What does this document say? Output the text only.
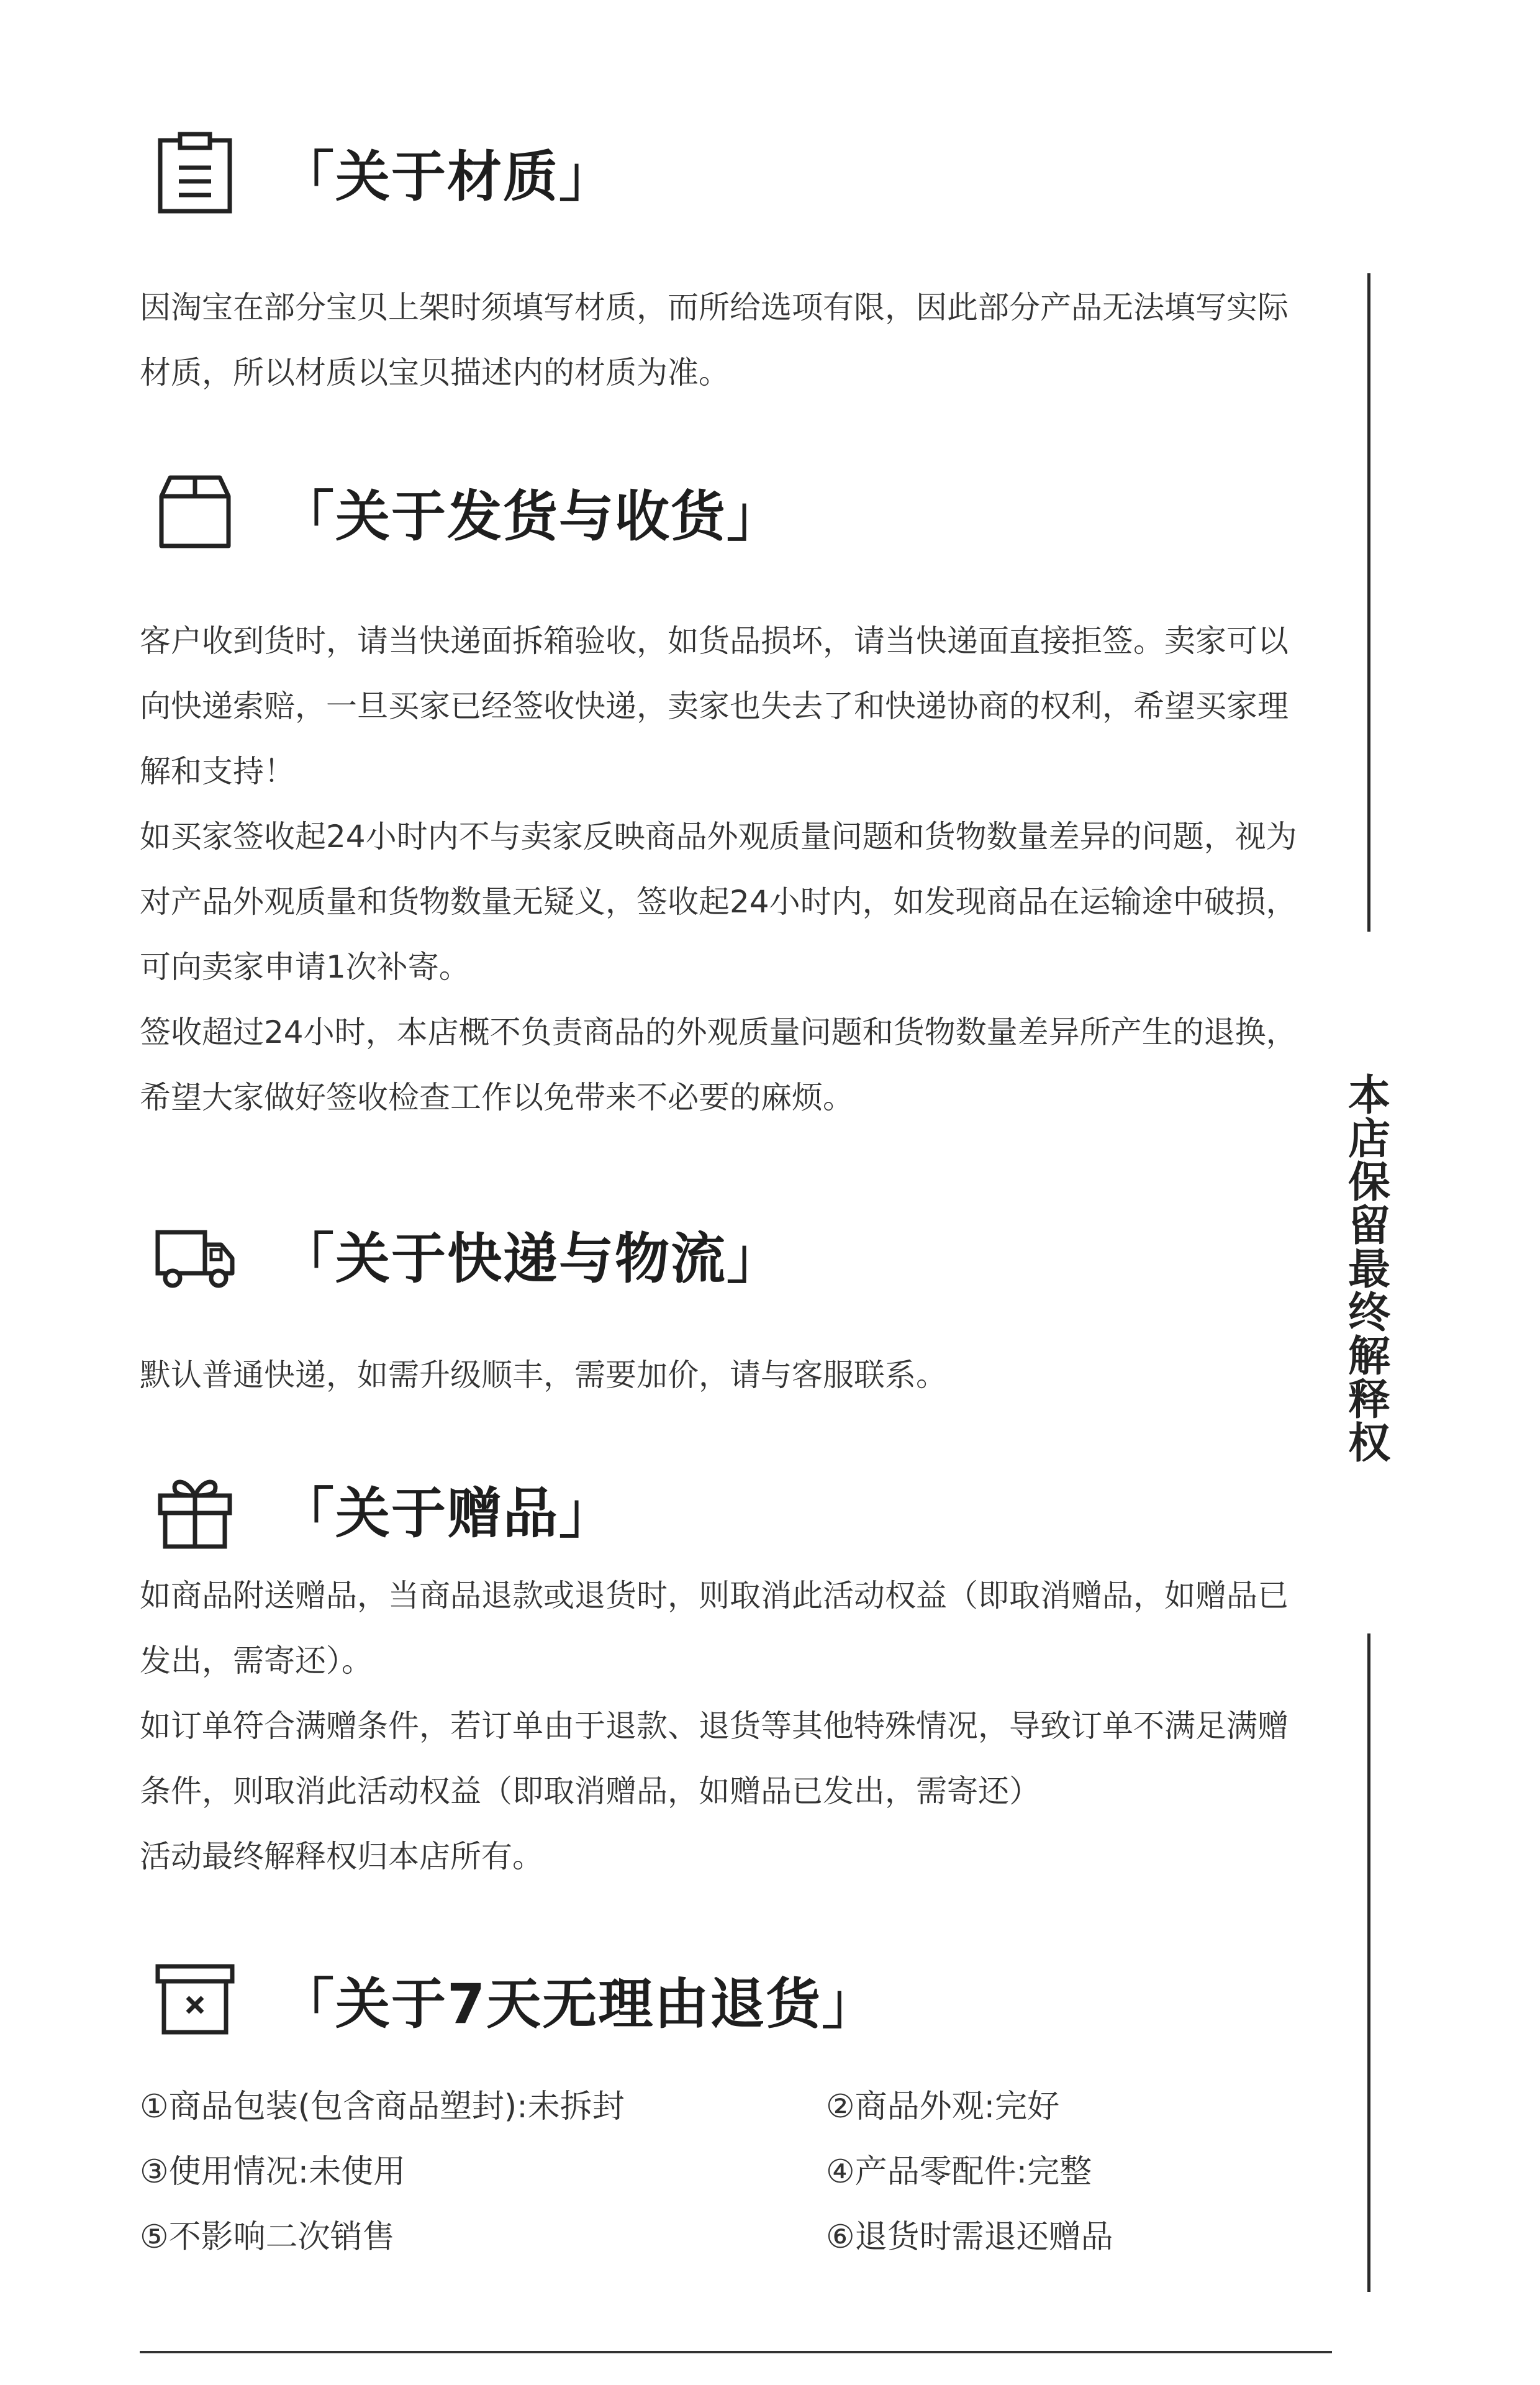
「关于材质」

因淘宝在部分宝贝上架时须填写材质，而所给选项有限，因此部分产品无法填写实际材质，所以材质以宝贝描述内的材质为准。

「关于发货与收货」

客户收到货时，请当快递面拆箱验收，如货品损坏，请当快递面直接拒签。卖家可以向快递索赔，一旦买家已经签收快递，卖家也失去了和快递协商的权利，希望买家理解和支持！

如买家签收起24小时内不与卖家反映商品外观质量问题和货物数量差异的问题，视为对产品外观质量和货物数量无疑义，签收起24小时内，如发现商品在运输途中破损，可向卖家申请1次补寄。

签收超过24小时，本店概不负责商品的外观质量问题和货物数量差异所产生的退换，希望大家做好签收检查工作以免带来不必要的麻烦。

「关于快递与物流」

默认普通快递，如需升级顺丰，需要加价，请与客服联系。

「关于赠品」

如商品附送赠品，当商品退款或退货时，则取消此活动权益（即取消赠品，如赠品已发出，需寄还）。

如订单符合满赠条件，若订单由于退款、退货等其他特殊情况，导致订单不满足满赠条件，则取消此活动权益（即取消赠品，如赠品已发出，需寄还）

活动最终解释权归本店所有。

「关于7天无理由退货」
①商品包装(包含商品塑封):未拆封	②商品外观:完好
③使用情况:未使用	④产品零配件:完整
⑤不影响二次销售	⑥退货时需退还赠品
本
店
保
留
最
终
解
释
权
